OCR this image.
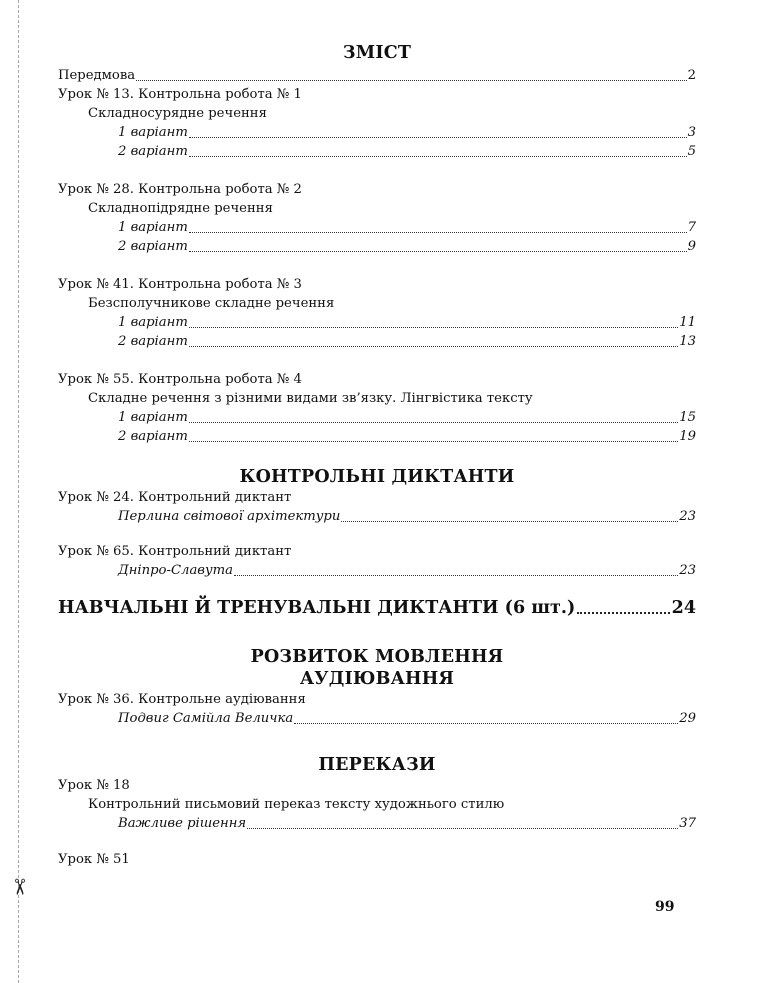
✂
ЗМІСТ
Передмова	2
Урок № 13. Контрольна робота № 1
Складносурядне речення
1 варіант	3
2 варіант	5
Урок № 28. Контрольна робота № 2
Складнопідрядне речення
1 варіант	7
2 варіант	9
Урок № 41. Контрольна робота № 3
Безсполучникове складне речення
1 варіант	11
2 варіант	13
Урок № 55. Контрольна робота № 4
Складне речення з різними видами зв’язку. Лінгвістика тексту
1 варіант	15
2 варіант	19
КОНТРОЛЬНІ ДИКТАНТИ
Урок № 24. Контрольний диктант
Перлина світової архітектури	23
Урок № 65. Контрольний диктант
Дніпро-Славута	23
НАВЧАЛЬНІ Й ТРЕНУВАЛЬНІ ДИКТАНТИ (6 шт.)	24
РОЗВИТОК МОВЛЕННЯ
АУДІЮВАННЯ
Урок № 36. Контрольне аудіювання
Подвиг Самійла Величка	29
ПЕРЕКАЗИ
Урок № 18
Контрольний письмовий переказ тексту художнього стилю
Важливе рішення	37
Урок № 51
99
